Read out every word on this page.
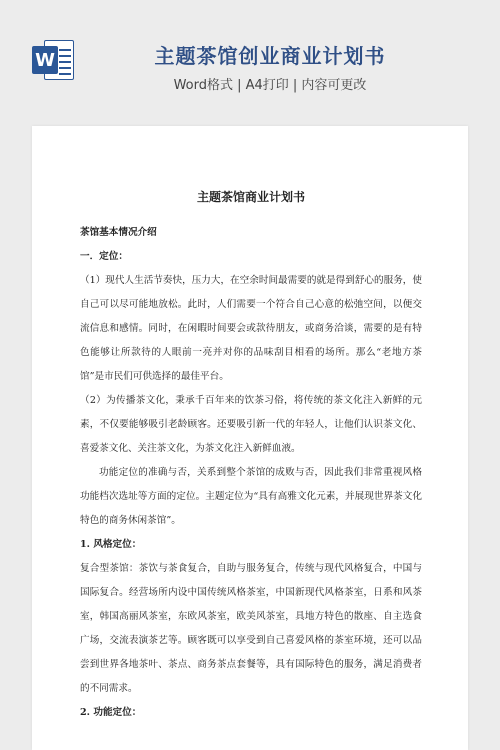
W	主题茶馆创业商业计划书
Word格式 | A4打印 | 内容可更改
主题茶馆商业计划书

茶馆基本情况介绍

一．定位：

（1）现代人生活节奏快，压力大，在空余时间最需要的就是得到舒心的服务，使自己可以尽可能地放松。此时，人们需要一个符合自己心意的松弛空间，以便交流信息和感情。同时，在闲暇时间要会或款待朋友，或商务洽谈，需要的是有特色能够让所款待的人眼前一亮并对你的品味刮目相看的场所。那么“老地方茶馆”是市民们可供选择的最佳平台。

（2）为传播茶文化，秉承千百年来的饮茶习俗，将传统的茶文化注入新鲜的元素，不仅要能够吸引老龄顾客。还要吸引新一代的年轻人，让他们认识茶文化、喜爱茶文化、关注茶文化，为茶文化注入新鲜血液。

功能定位的准确与否，关系到整个茶馆的成败与否，因此我们非常重视风格功能档次选址等方面的定位。主题定位为“具有高雅文化元素，并展现世界茶文化特色的商务休闲茶馆”。

1. 风格定位：

复合型茶馆：茶饮与茶食复合，自助与服务复合，传统与现代风格复合，中国与国际复合。经营场所内设中国传统风格茶室，中国新现代风格茶室，日系和风茶室，韩国高丽风茶室，东欧风茶室，欧美风茶室，具地方特色的散座、自主选食广场，交流表演茶艺等。顾客既可以享受到自己喜爱风格的茶室环境，还可以品尝到世界各地茶叶、茶点、商务茶点套餐等，具有国际特色的服务，满足消费者的不同需求。

2. 功能定位：
